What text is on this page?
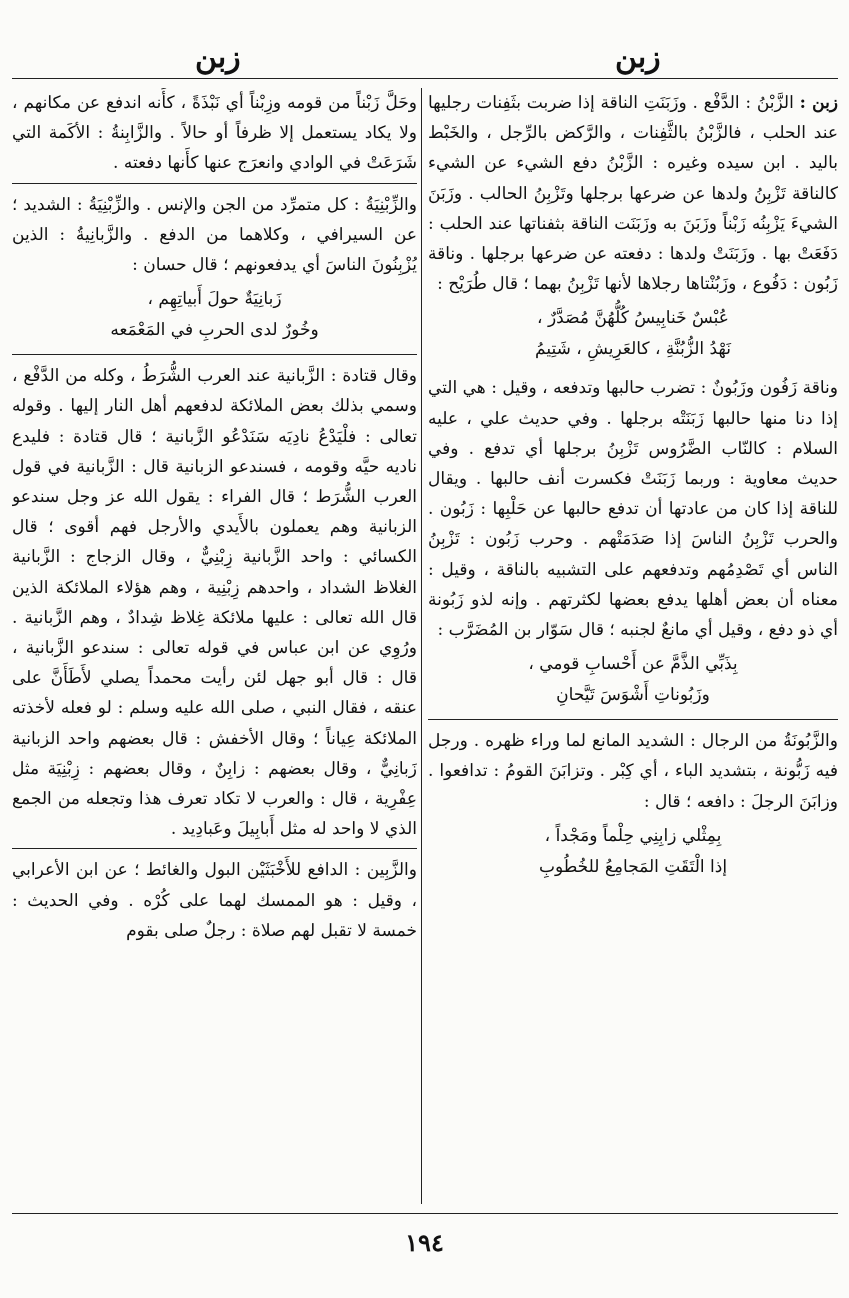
زبن
زبن

زبن : الزَّبْنُ : الدَّفْع . وزَبَنَتِ الناقة إذا ضربت بثَفِنات رجليها عند الحلب ، فالزَّبْنُ بالثَّفِنات ، والرَّكض بالرِّجل ، والخَبْط باليد . ابن سيده وغيره : الزَّبْنُ دفع الشيء عن الشيء كالناقة تَزْبِنُ ولدها عن ضرعها برجلها وتَزْبِنُ الحالب . وزَبَنَ الشيءَ يَزْبِنُه زَبْناً وزَبَنَ به وزَبَنَت الناقة بثفناتها عند الحلب : دَفَعَتْ بها . وزَبَنَتْ ولدها : دفعته عن ضرعها برجلها . وناقة زَبُون : دَفُوع ، وزَبُنْتاها رجلاها لأنها تَزْبِنُ بهما ؛ قال طُرَيْح :

عُبْسٌ خَنابِيسُ كُلُّهُنَّ مُصَدَّرٌ ،
نَهْدُ الزُّبُنَّةِ ، كالعَرِيشِ ، شَتِيمُ

وناقة زَفُون وزَبُونٌ : تضرب حالبها وتدفعه ، وقيل : هي التي إذا دنا منها حالبها زَبَنَتْه برجلها . وفي حديث علي ، عليه السلام : كالنّاب الضَّرُوس تَزْبِنُ برجلها أي تدفع . وفي حديث معاوية : وربما زَبَنَتْ فكسرت أنف حالبها . ويقال للناقة إذا كان من عادتها أن تدفع حالبها عن حَلْبِها : زَبُون . والحرب تَزْبِنُ الناسَ إذا صَدَمَتْهم . وحرب زَبُون : تَزْبِنُ الناس أي تَصْدِمُهم وتدفعهم على التشبيه بالناقة ، وقيل : معناه أن بعض أهلها يدفع بعضها لكثرتهم . وإنه لذو زَبُونة أي ذو دفع ، وقيل أي مانعٌ لجنبه ؛ قال سَوّار بن المُضَرَّب :

بِذَبِّي الذَّمَّ عن أَحْسابِ قومي ،
وزَبُوناتِ أَشْوَسَ تَيَّحانِ

والزَّبُونَةُ من الرجال : الشديد المانع لما وراء ظهره . ورجل فيه زَبُّونة ، بتشديد الباء ، أي كِبْر . وتزابَنَ القومُ : تدافعوا . وزابَنَ الرجلَ : دافعه ؛ قال :

بِمِثْلي زابِنِي حِلْماً ومَجْداً ،
إذا الْتَقَتِ المَجامِعُ للخُطُوبِ

وحَلَّ زَبْناً من قومه وزِبْناً أي نَبْذَةً ، كأَنه اندفع عن مكانهم ، ولا يكاد يستعمل إلا ظرفاً أو حالاً . والزَّابِنةُ : الأكَمة التي شَرَعَتْ في الوادي وانعرَج عنها كأَنها دفعته .

والزِّبْنِيَةُ : كل متمرِّد من الجن والإنس . والزِّبْنِيَةُ : الشديد ؛ عن السيرافي ، وكلاهما من الدفع . والزَّبانِيةُ : الذين يُزْبِنُونَ الناسَ أي يدفعونهم ؛ قال حسان :

زَبانِيَةٌ حولَ أَبياتِهِم ،
وخُورٌ لدى الحربِ في المَعْمَعه

وقال قتادة : الزَّبانية عند العرب الشُّرَطُ ، وكله من الدَّفْع ، وسمي بذلك بعض الملائكة لدفعهم أهل النار إليها . وقوله تعالى : فلْيَدْعُ نادِيَه سَنَدْعُو الزَّبانية ؛ قال قتادة : فليدع ناديه حيَّه وقومه ، فسندعو الزبانية قال : الزَّبانية في قول العرب الشُّرَط ؛ قال الفراء : يقول الله عز وجل سندعو الزبانية وهم يعملون بالأَيدي والأرجل فهم أقوى ؛ قال الكسائي : واحد الزَّبانية زِبْنِيٌّ ، وقال الزجاج : الزَّبانية الغلاظ الشداد ، واحدهم زِبْنِية ، وهم هؤلاء الملائكة الذين قال الله تعالى : عليها ملائكة غِلاظ شِدادٌ ، وهم الزَّبانية . ورُوِي عن ابن عباس في قوله تعالى : سندعو الزَّبانية ، قال : قال أبو جهل لئن رأيت محمداً يصلي لأَطَأَنَّ على عنقه ، فقال النبي ، صلى الله عليه وسلم : لو فعله لأخذته الملائكة عِياناً ؛ وقال الأخفش : قال بعضهم واحد الزبانية زَبانِيٌّ ، وقال بعضهم : زابِنٌ ، وقال بعضهم : زِبْنِيَة مثل عِفْرِية ، قال : والعرب لا تكاد تعرف هذا وتجعله من الجمع الذي لا واحد له مثل أَبابِيلَ وعَبادِيد .

والزَّبِين : الدافع للأَخْبَثَيْن البول والغائط ؛ عن ابن الأعرابي ، وقيل : هو الممسك لهما على كُرْه . وفي الحديث : خمسة لا تقبل لهم صلاة : رجلٌ صلى بقوم

١٩٤
